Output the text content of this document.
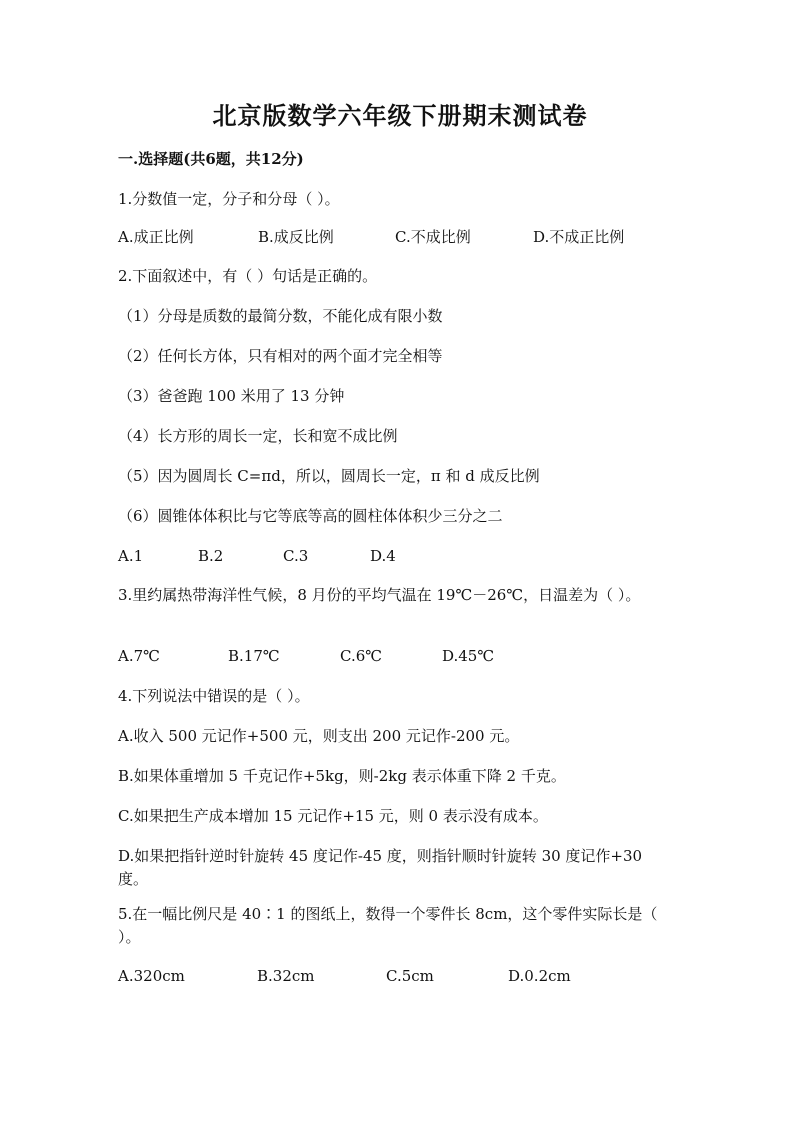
北京版数学六年级下册期末测试卷
一.选择题(共6题，共12分)
1.分数值一定，分子和分母（ ）。
A.成正比例	B.成反比例	C.不成比例	D.不成正比例
2.下面叙述中，有（ ）句话是正确的。
（1）分母是质数的最简分数，不能化成有限小数
（2）任何长方体，只有相对的两个面才完全相等
（3）爸爸跑 100 米用了 13 分钟
（4）长方形的周长一定，长和宽不成比例
（5）因为圆周长 C=πd，所以，圆周长一定，π 和 d 成反比例
（6）圆锥体体积比与它等底等高的圆柱体体积少三分之二
A.1	B.2	C.3	D.4
3.里约属热带海洋性气候，8 月份的平均气温在 19℃－26℃，日温差为（ ）。
A.7℃	B.17℃	C.6℃	D.45℃
4.下列说法中错误的是（ ）。
A.收入 500 元记作+500 元，则支出 200 元记作-200 元。
B.如果体重增加 5 千克记作+5kg，则-2kg 表示体重下降 2 千克。
C.如果把生产成本增加 15 元记作+15 元，则 0 表示没有成本。
D.如果把指针逆时针旋转 45 度记作-45 度，则指针顺时针旋转 30 度记作+30 度。
5.在一幅比例尺是 40∶1 的图纸上，数得一个零件长 8cm，这个零件实际长是（ ）。
A.320cm	B.32cm	C.5cm	D.0.2cm
